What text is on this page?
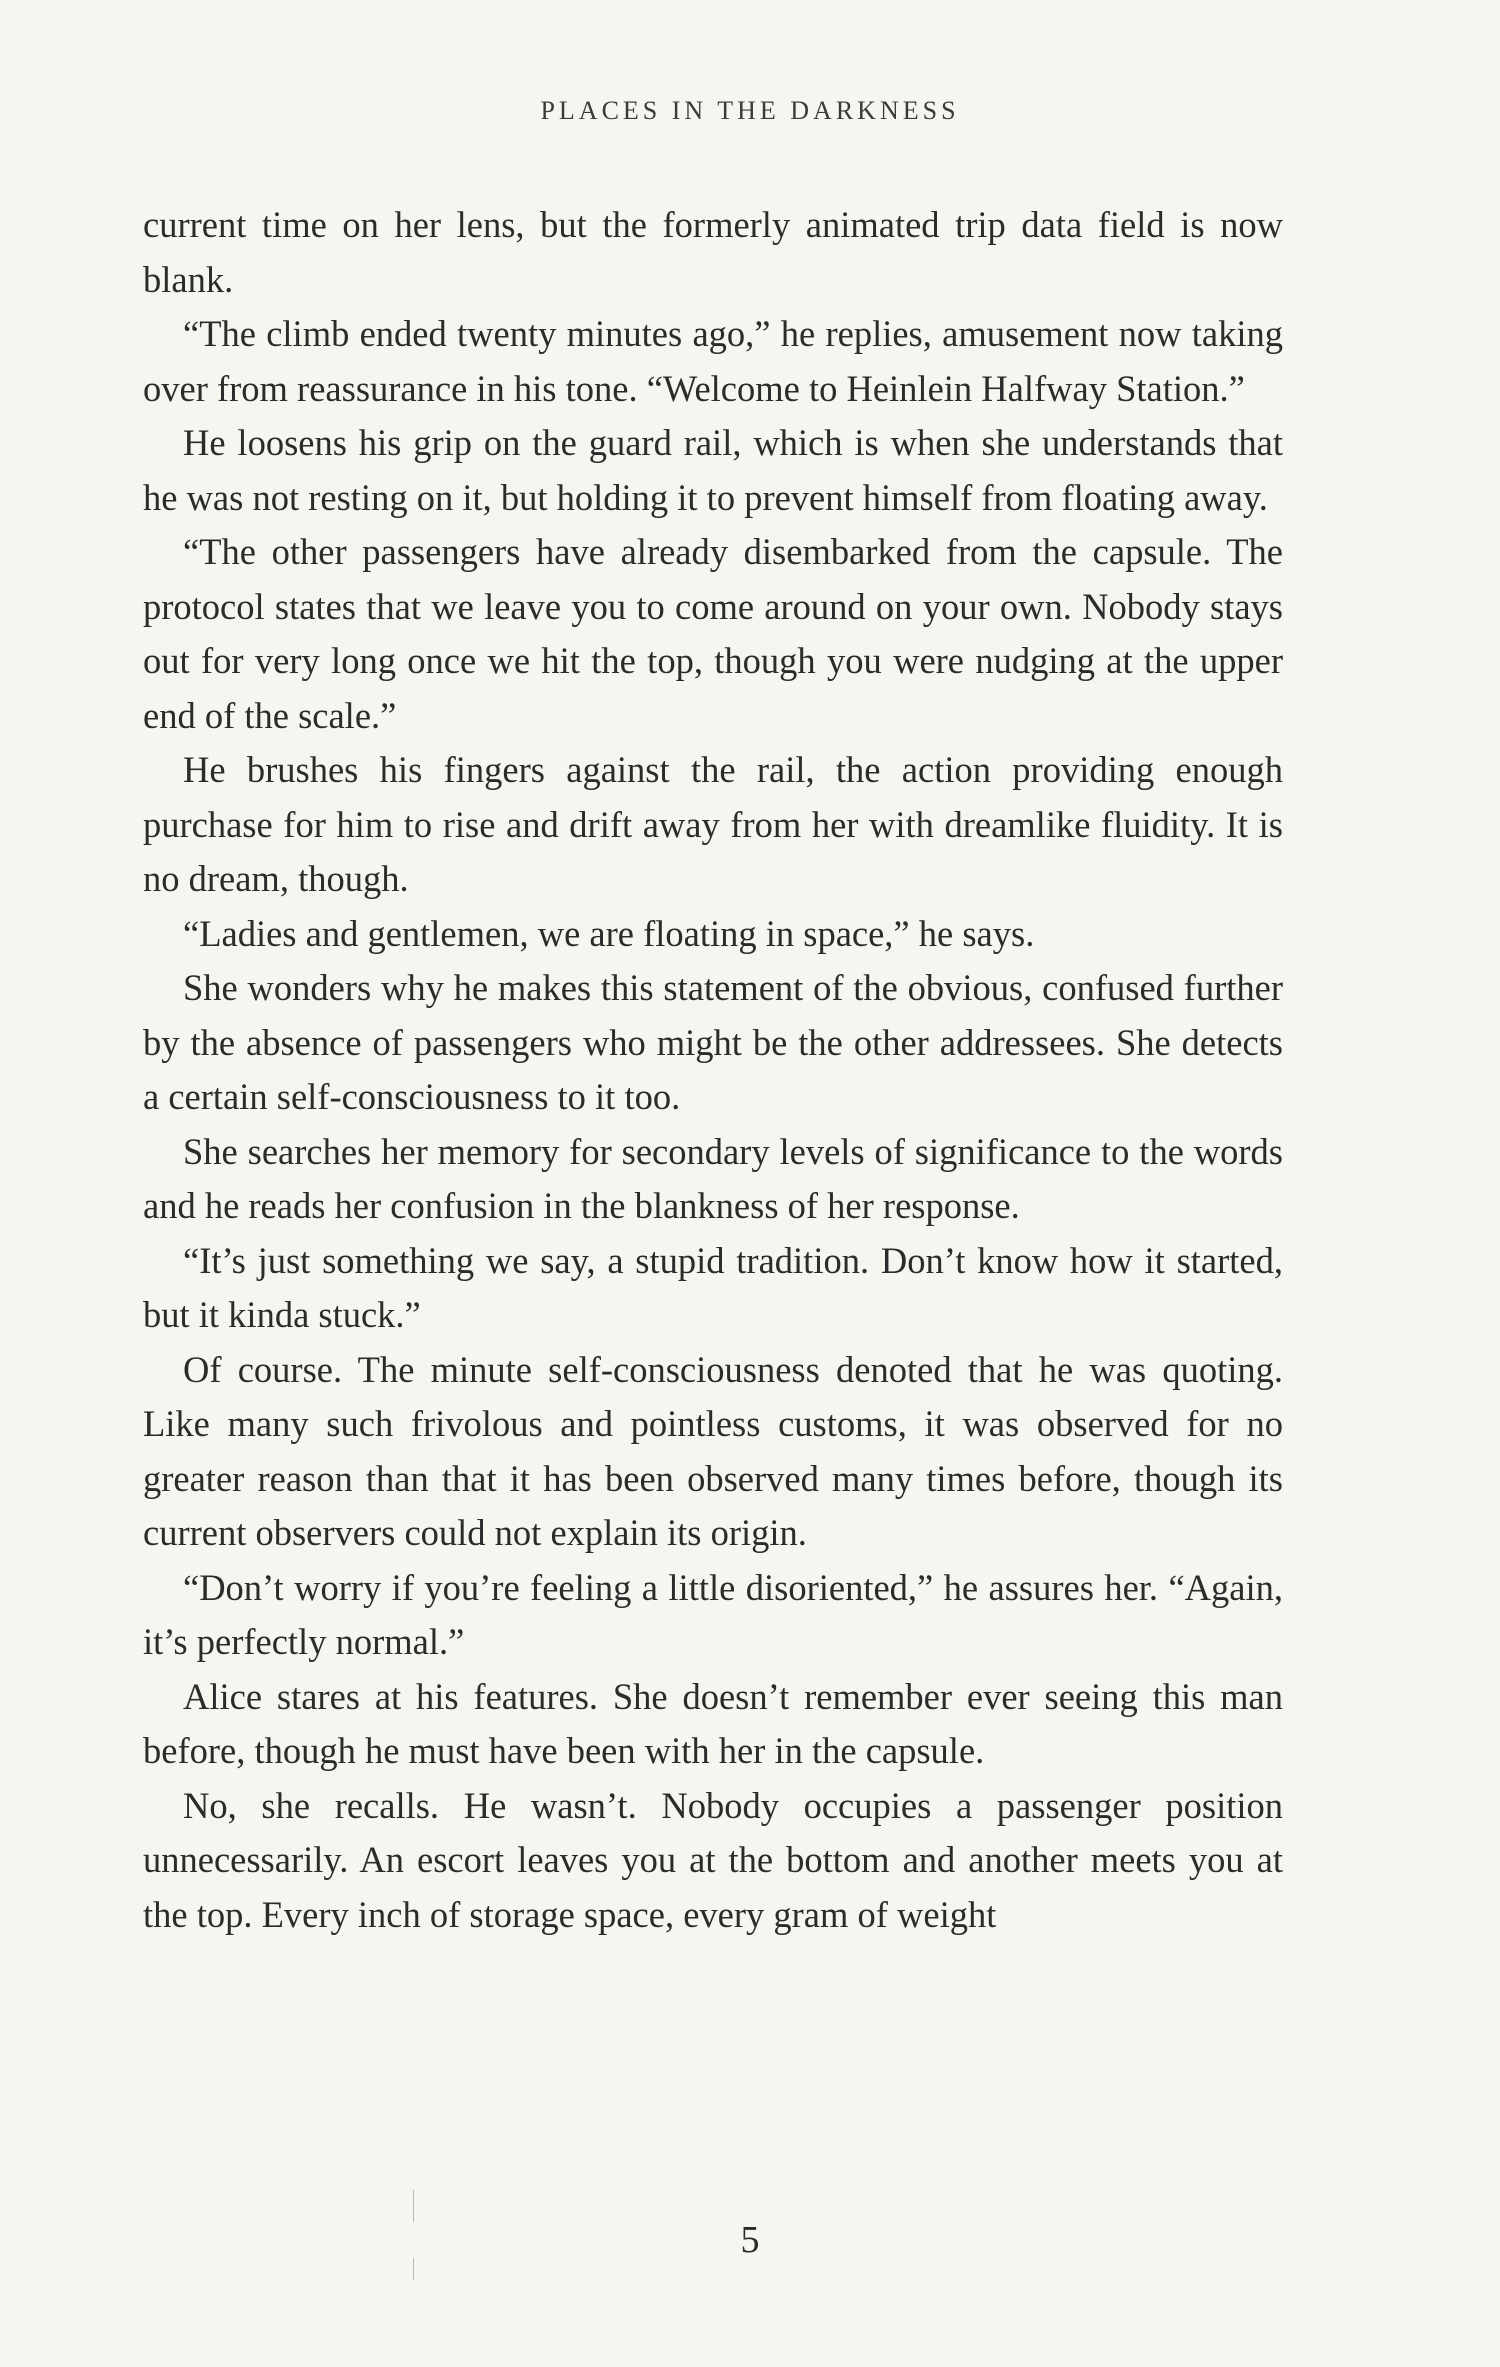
PLACES IN THE DARKNESS

current time on her lens, but the formerly animated trip data field is now blank.

“The climb ended twenty minutes ago,” he replies, amusement now taking over from reassurance in his tone. “Welcome to Heinlein Halfway Station.”

He loosens his grip on the guard rail, which is when she understands that he was not resting on it, but holding it to prevent himself from floating away.

“The other passengers have already disembarked from the capsule. The protocol states that we leave you to come around on your own. Nobody stays out for very long once we hit the top, though you were nudging at the upper end of the scale.”

He brushes his fingers against the rail, the action providing enough purchase for him to rise and drift away from her with dreamlike fluidity. It is no dream, though.

“Ladies and gentlemen, we are floating in space,” he says.

She wonders why he makes this statement of the obvious, confused further by the absence of passengers who might be the other addressees. She detects a certain self-consciousness to it too.

She searches her memory for secondary levels of significance to the words and he reads her confusion in the blankness of her response.

“It’s just something we say, a stupid tradition. Don’t know how it started, but it kinda stuck.”

Of course. The minute self-consciousness denoted that he was quoting. Like many such frivolous and pointless customs, it was observed for no greater reason than that it has been observed many times before, though its current observers could not explain its origin.

“Don’t worry if you’re feeling a little disoriented,” he assures her. “Again, it’s perfectly normal.”

Alice stares at his features. She doesn’t remember ever seeing this man before, though he must have been with her in the capsule.

No, she recalls. He wasn’t. Nobody occupies a passenger position unnecessarily. An escort leaves you at the bottom and another meets you at the top. Every inch of storage space, every gram of weight

5
